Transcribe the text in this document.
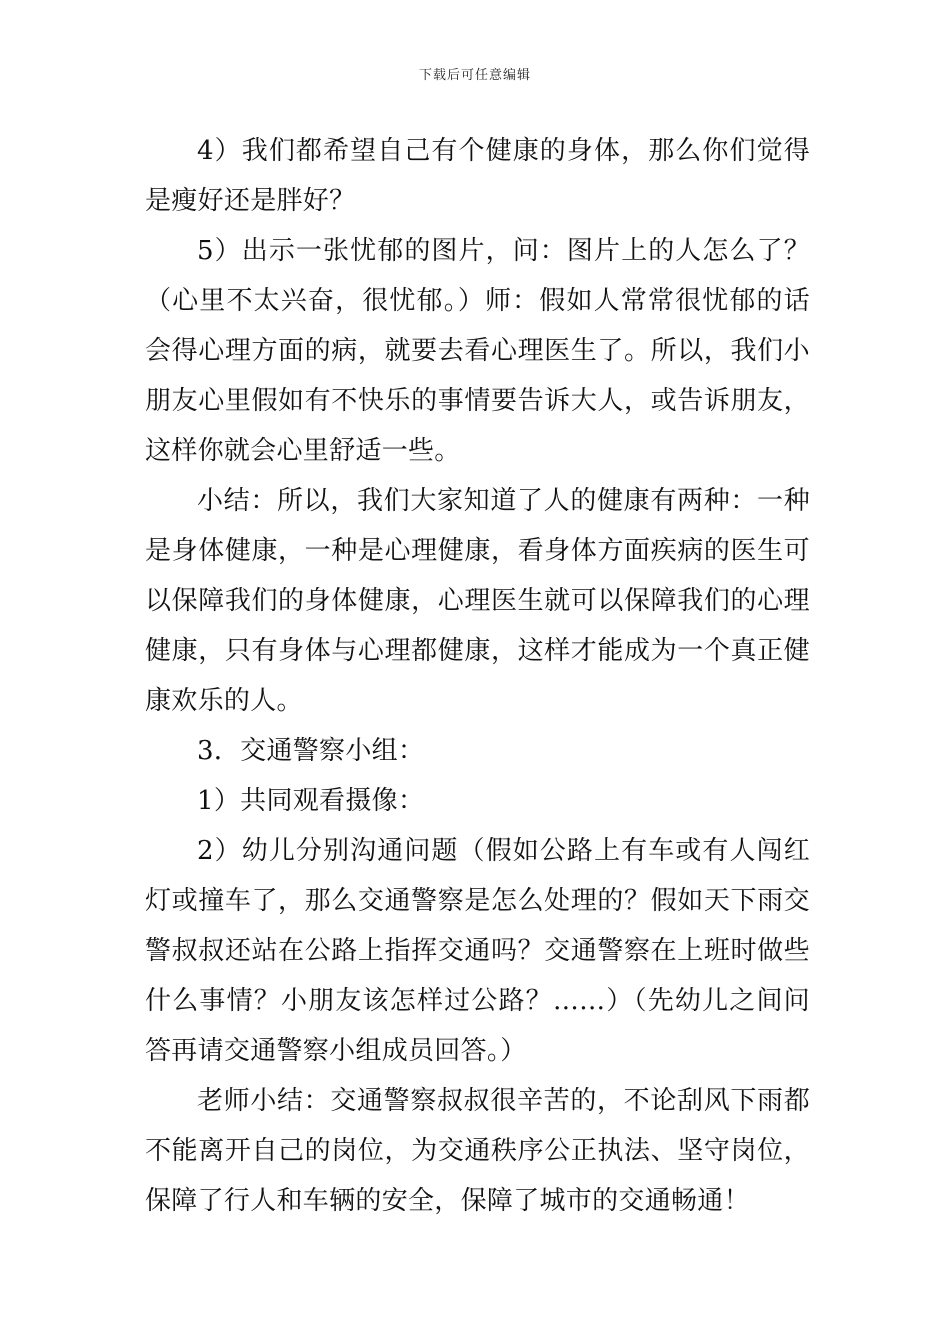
下载后可任意编辑

4）我们都希望自己有个健康的身体，那么你们觉得是瘦好还是胖好？

5）出示一张忧郁的图片，问：图片上的人怎么了？（心里不太兴奋，很忧郁。）师：假如人常常很忧郁的话会得心理方面的病，就要去看心理医生了。所以，我们小朋友心里假如有不快乐的事情要告诉大人，或告诉朋友，这样你就会心里舒适一些。

小结：所以，我们大家知道了人的健康有两种：一种是身体健康，一种是心理健康，看身体方面疾病的医生可以保障我们的身体健康，心理医生就可以保障我们的心理健康，只有身体与心理都健康，这样才能成为一个真正健康欢乐的人。

3．交通警察小组：

1）共同观看摄像：

2）幼儿分别沟通问题（假如公路上有车或有人闯红灯或撞车了，那么交通警察是怎么处理的？假如天下雨交警叔叔还站在公路上指挥交通吗？交通警察在上班时做些什么事情？小朋友该怎样过公路？……）（先幼儿之间问答再请交通警察小组成员回答。）

老师小结：交通警察叔叔很辛苦的，不论刮风下雨都不能离开自己的岗位，为交通秩序公正执法、坚守岗位，保障了行人和车辆的安全，保障了城市的交通畅通！
